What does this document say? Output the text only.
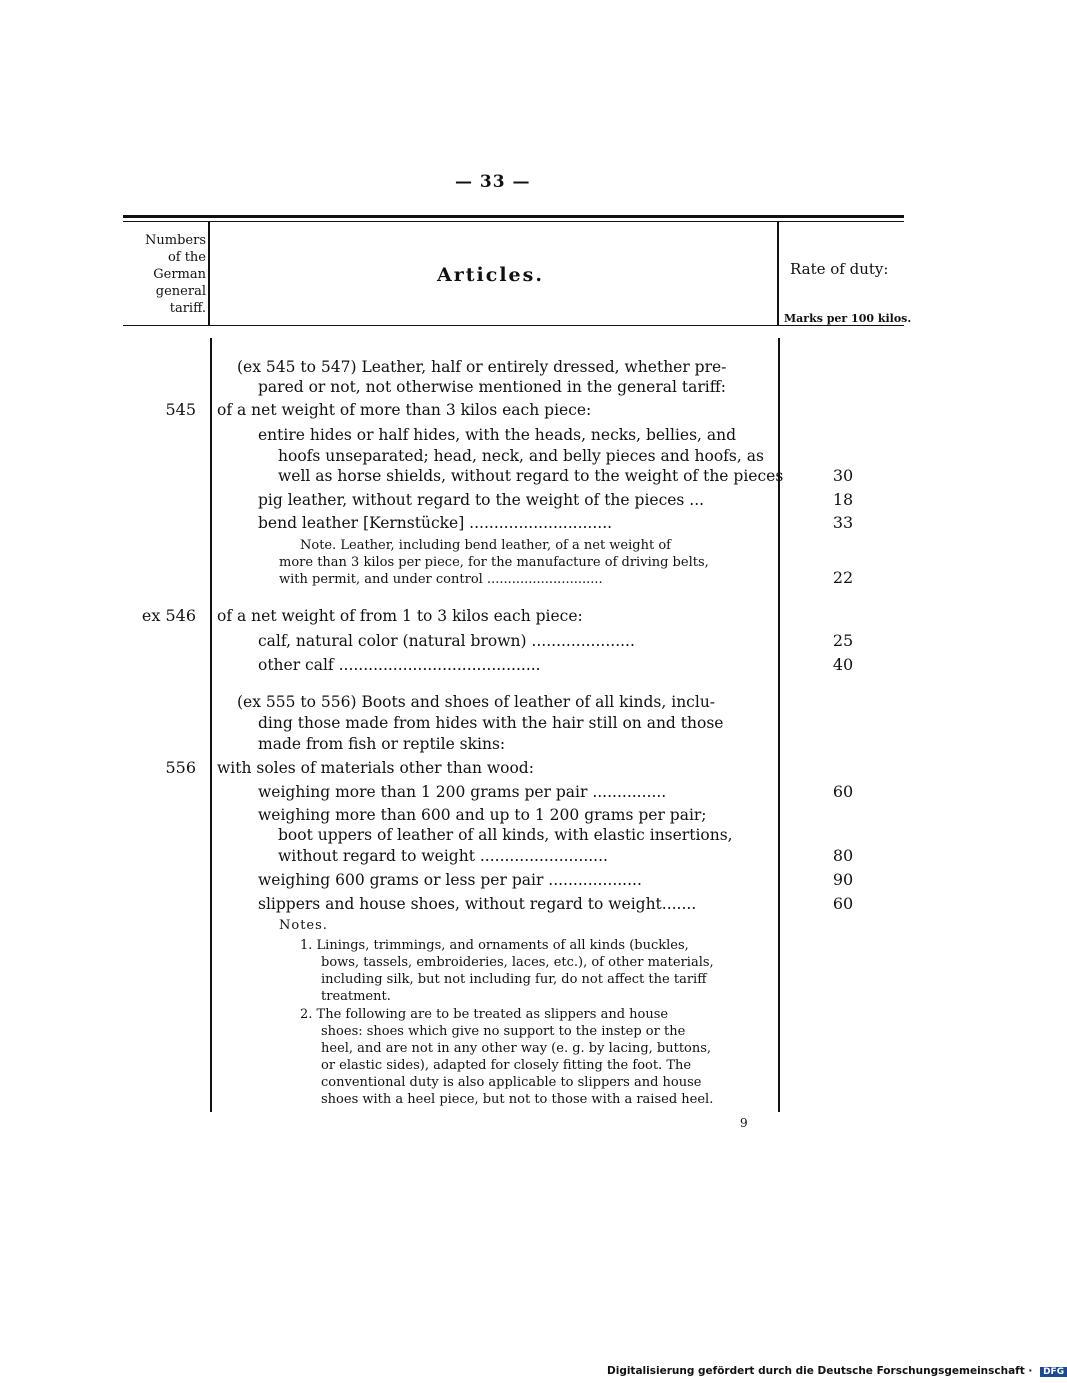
— 33 —
Numbers
of the
German
general
tariff.
Articles.	Rate of duty:
Marks per 100 kilos.
(ex 545 to 547) Leather, half or entirely dressed, whether pre-
pared or not, not otherwise mentioned in the general tariff:
545 of a net weight of more than 3 kilos each piece:
entire hides or half hides, with the heads, necks, bellies, and
hoofs unseparated; head, neck, and belly pieces and hoofs, as
well as horse shields, without regard to the weight of the pieces	30
pig leather, without regard to the weight of the pieces ...	18
bend leather [Kernstücke] .............................	33
Note. Leather, including bend leather, of a net weight of
more than 3 kilos per piece, for the manufacture of driving belts,
with permit, and under control ............................	22
ex 546 of a net weight of from 1 to 3 kilos each piece:
calf, natural color (natural brown) .....................	25
other calf .........................................	40
(ex 555 to 556) Boots and shoes of leather of all kinds, inclu-
ding those made from hides with the hair still on and those
made from fish or reptile skins:
556 with soles of materials other than wood:
weighing more than 1 200 grams per pair ...............	60
weighing more than 600 and up to 1 200 grams per pair;
boot uppers of leather of all kinds, with elastic insertions,
without regard to weight ..........................	80
weighing 600 grams or less per pair ...................	90
slippers and house shoes, without regard to weight.......	60
Notes.
1. Linings, trimmings, and ornaments of all kinds (buckles,
bows, tassels, embroideries, laces, etc.), of other materials,
including silk, but not including fur, do not affect the tariff
treatment.
2. The following are to be treated as slippers and house
shoes: shoes which give no support to the instep or the
heel, and are not in any other way (e. g. by lacing, buttons,
or elastic sides), adapted for closely fitting the foot. The
conventional duty is also applicable to slippers and house
shoes with a heel piece, but not to those with a raised heel.
9
Digitalisierung gefördert durch die Deutsche Forschungsgemeinschaft · DFG
